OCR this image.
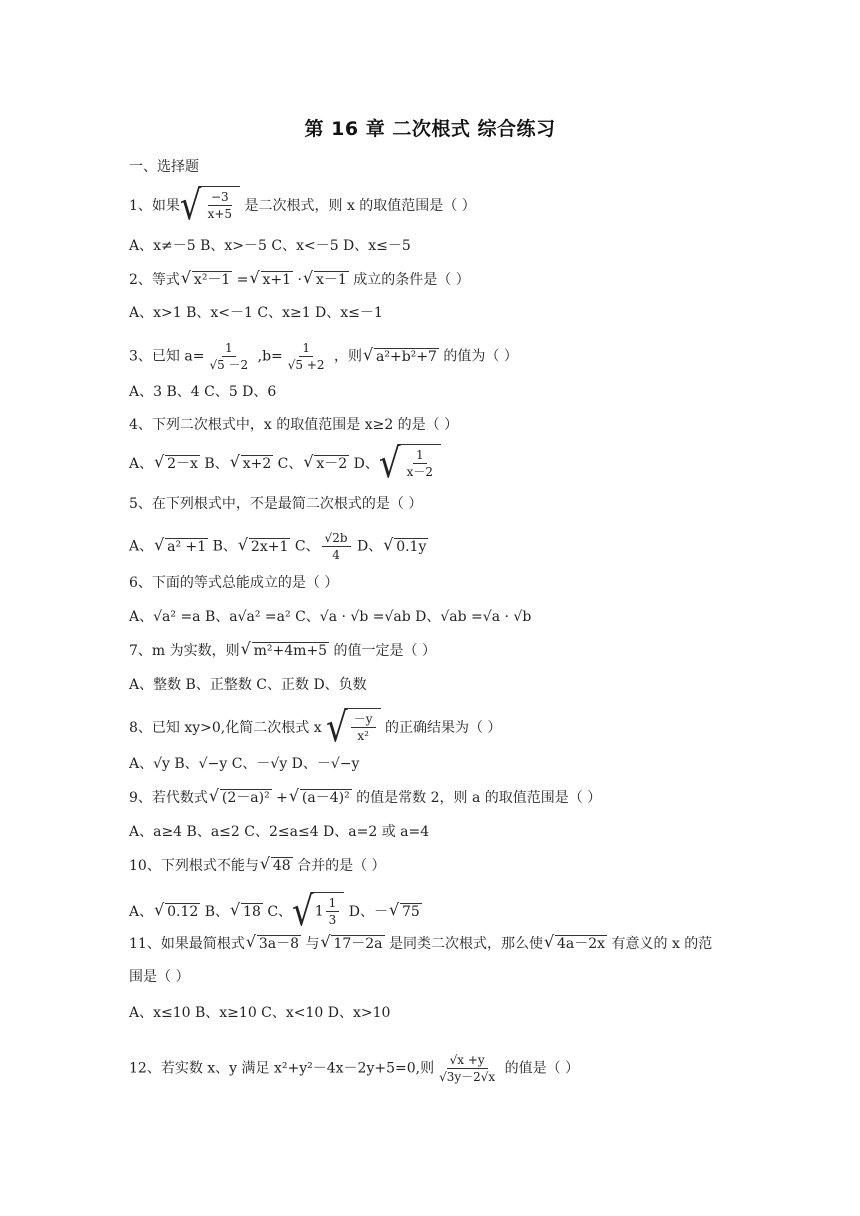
第 16 章 二次根式 综合练习
一、选择题
1、如果 √ $\frac{-3}{x+5}$ 是二次根式，则 x 的取值范围是（ ）
A、x≠－5 B、x>－5 C、x<－5 D、x≤－5
2、等式 √ x²－1 = √ x+1 · √ x－1 成立的条件是（ ）
A、x>1 B、x<－1 C、x≥1 D、x≤－1
3、已知 $a= \frac{1}{√5 -2} ,b= \frac{1}{√5 +2}$ ，则 √ a²+b²+7 的值为（ ）
A、3 B、4 C、5 D、6
4、下列二次根式中，x 的取值范围是 x≥2 的是（ ）
A、 √ 2－x B、 √ x+2 C、 √ x－2 D、 √ $\frac{1}{x-2}$
5、在下列根式中，不是最简二次根式的是（ ）
A、 √ a² +1 B、 √ 2x+1 C、 $\frac{√2b}{4}$ D、 √ 0.1y
6、下面的等式总能成立的是（ ）
A、√a² =a B、a√a² =a² C、√a · √b =√ab D、√ab =√a · √b
7、m 为实数，则 √ m²+4m+5 的值一定是（ ）
A、整数 B、正整数 C、正数 D、负数
8、已知 xy>0,化简二次根式 x √ $\frac{-y}{\text{x²}}$ 的正确结果为（ ）
A、√y B、√−y C、－√y D、－√−y
9、若代数式 √ (2－a)² + √ (a－4)² 的值是常数 2，则 a 的取值范围是（ ）
A、a≥4 B、a≤2 C、2≤a≤4 D、a=2 或 a=4
10、下列根式不能与 √ 48 合并的是（ ）
A、 √ 0.12 B、 √ 18 C、 √ $1 \frac{1}{3}$ D、－ √ 75
11、如果最简根式 √ 3a－8 与 √ 17－2a 是同类二次根式，那么使 √ 4a－2x 有意义的 x 的范
围是（ ）
A、x≤10 B、x≥10 C、x<10 D、x>10
12、若实数 x、y 满足 x²+y²－4x－2y+5=0,则 $\frac{√x +y}{√3y-2√x}$ 的值是（ ）
